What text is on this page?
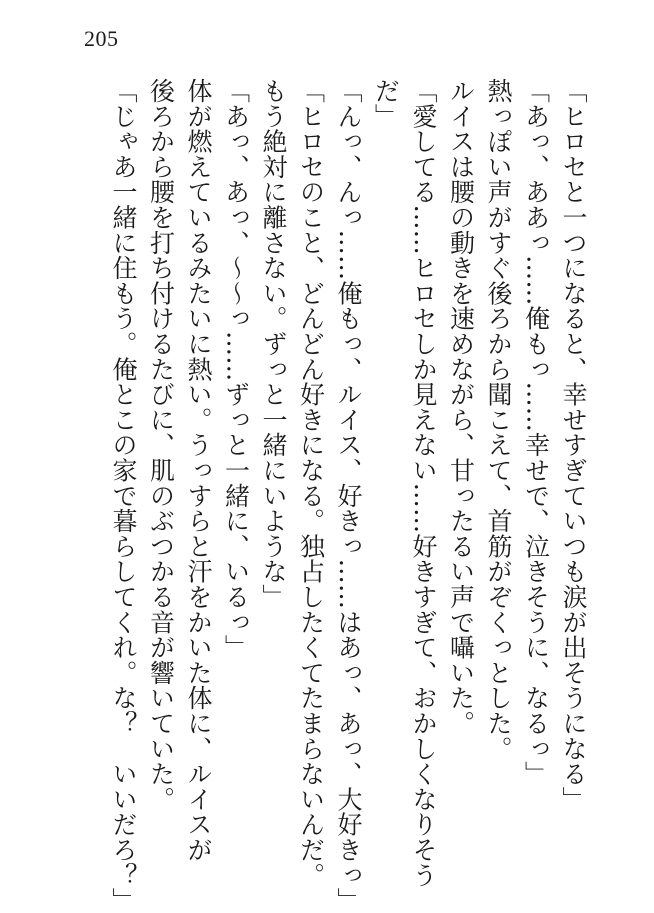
205
「ヒロセと一つになると、幸せすぎていつも涙が出そうになる」
「あっ、ああっ……俺もっ……幸せで、泣きそうに、なるっ」
熱っぽい声がすぐ後ろから聞こえて、首筋がぞくっとした。
ルイスは腰の動きを速めながら、甘ったるい声で囁いた。
「愛してる……ヒロセしか見えない……好きすぎて、おかしくなりそう
だ」
「んっ、んっ……俺もっ、ルイス、好きっ……はあっ、あっ、大好きっ」
「ヒロセのこと、どんどん好きになる。独占したくてたまらないんだ。
もう絶対に離さない。ずっと一緒にいような」
「あっ、あっ、〜〜っ……ずっと一緒に、いるっ」
体が燃えているみたいに熱い。うっすらと汗をかいた体に、ルイスが
後ろから腰を打ち付けるたびに、肌のぶつかる音が響いていた。
「じゃあ一緒に住もう。俺とこの家で暮らしてくれ。な？　いいだろ？」
